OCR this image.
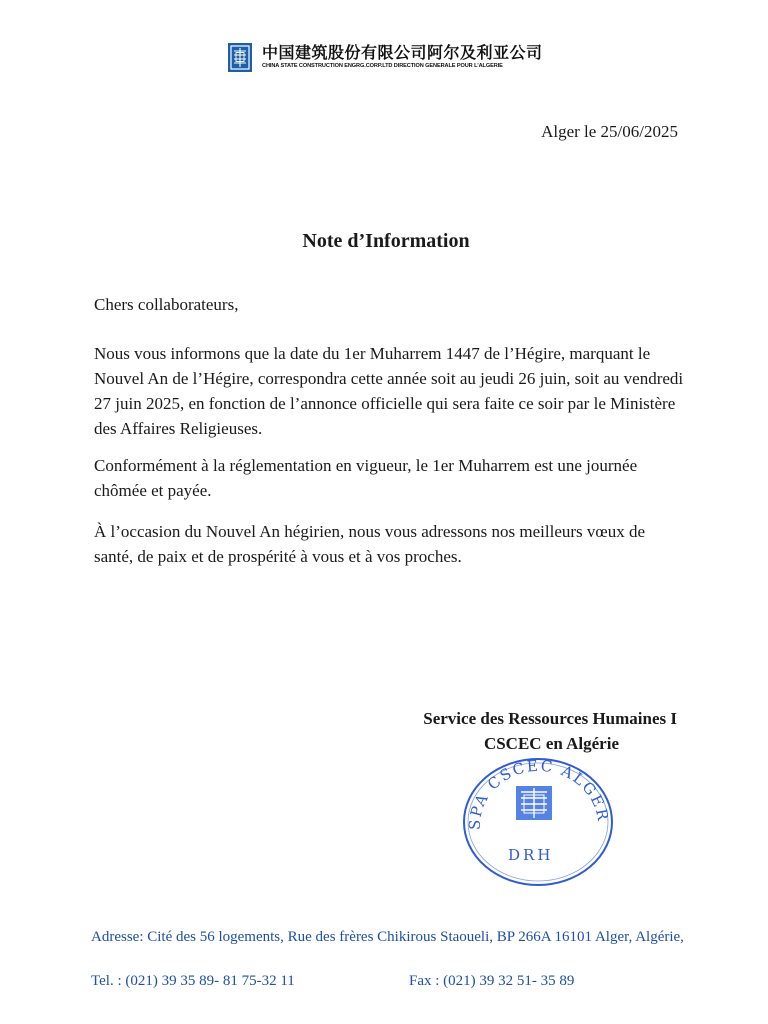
中国建筑股份有限公司阿尔及利亚公司
CHINA STATE CONSTRUCTION ENGRG.CORP.LTD DIRECTION GENERALE POUR L'ALGERIE
Alger le 25/06/2025
Note d’Information
Chers collaborateurs,
Nous vous informons que la date du 1er Muharrem 1447 de l’Hégire, marquant le Nouvel An de l’Hégire, correspondra cette année soit au jeudi 26 juin, soit au vendredi 27 juin 2025, en fonction de l’annonce officielle qui sera faite ce soir par le Ministère des Affaires Religieuses.
Conformément à la réglementation en vigueur, le 1er Muharrem est une journée chômée et payée.
À l’occasion du Nouvel An hégirien, nous vous adressons nos meilleurs vœux de santé, de paix et de prospérité à vous et à vos proches.
Service des Ressources Humaines I

CSCEC en Algérie
SPA CSCEC ALGER
DRH
Adresse: Cité des 56 logements, Rue des frères Chikirous Staoueli, BP 266A 16101 Alger, Algérie,
Tel. : (021) 39 35 89- 81 75-32 11	Fax : (021) 39 32 51- 35 89
